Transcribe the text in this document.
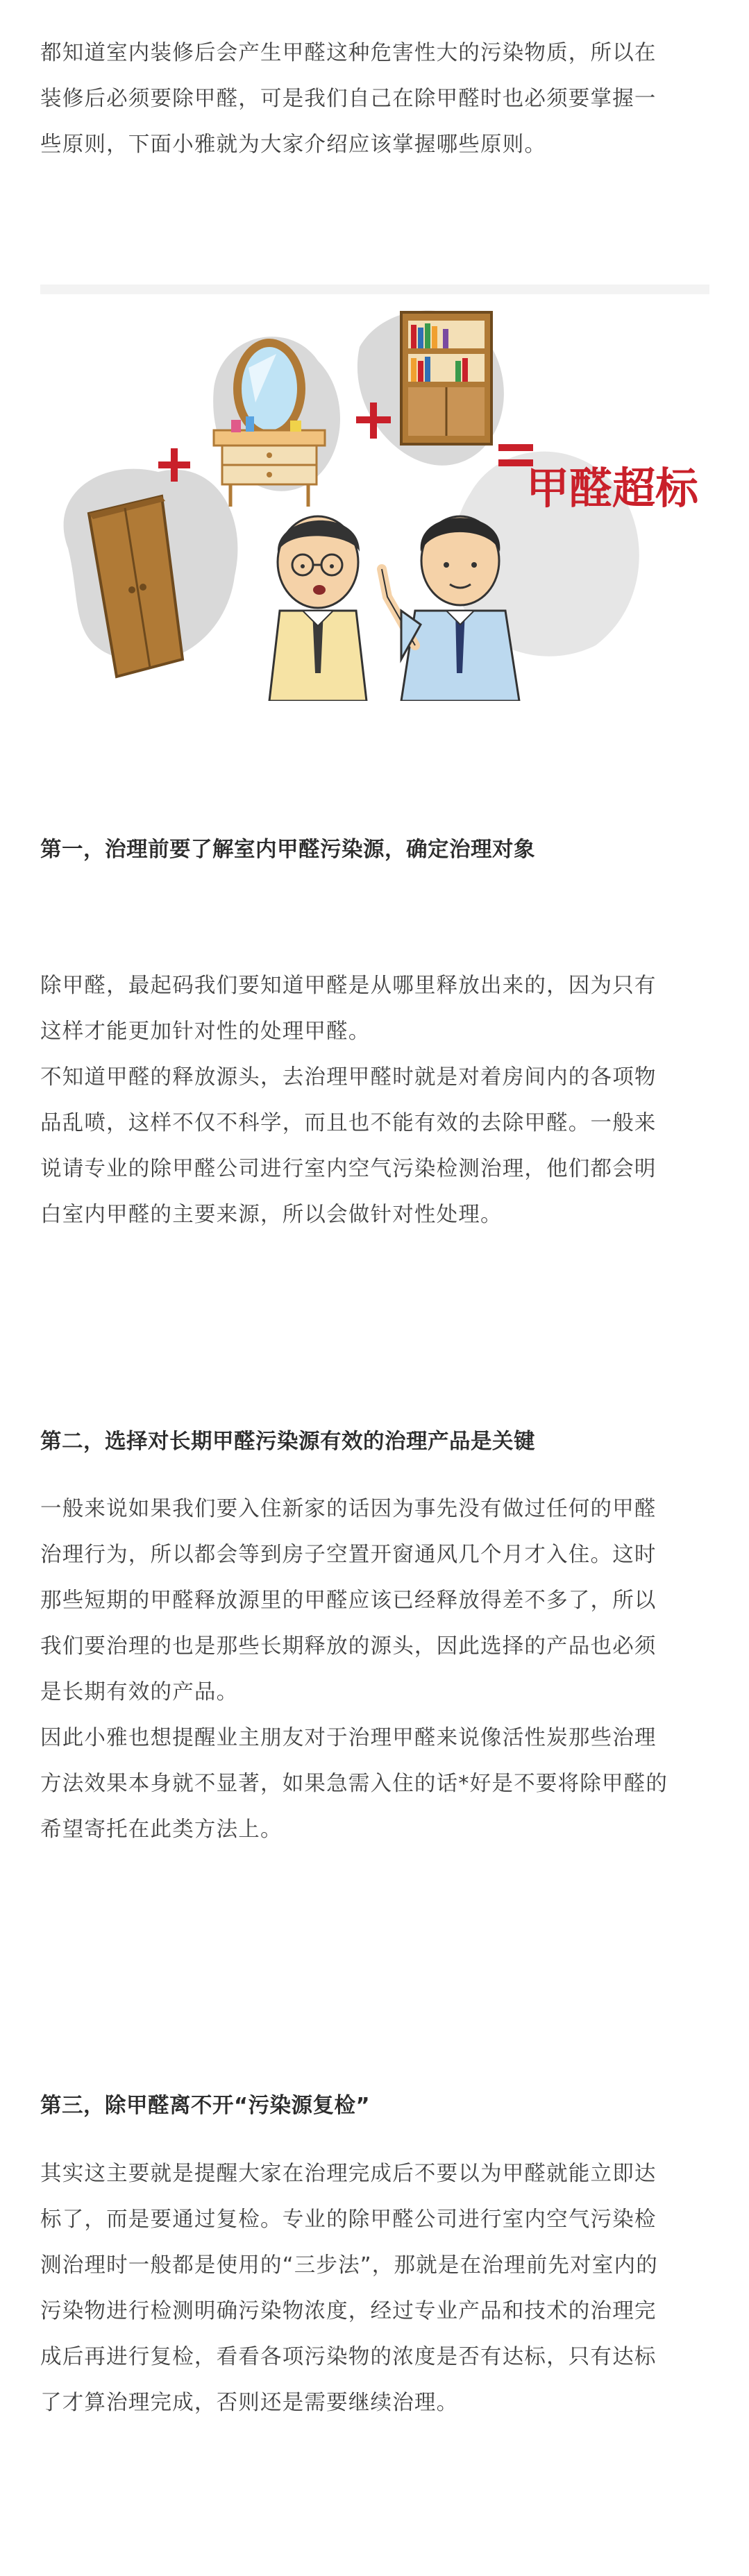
都知道室内装修后会产生甲醛这种危害性大的污染物质，所以在

装修后必须要除甲醛，可是我们自己在除甲醛时也必须要掌握一

些原则，下面小雅就为大家介绍应该掌握哪些原则。

第一，治理前要了解室内甲醛污染源，确定治理对象

除甲醛，最起码我们要知道甲醛是从哪里释放出来的，因为只有

这样才能更加针对性的处理甲醛。

不知道甲醛的释放源头，去治理甲醛时就是对着房间内的各项物

品乱喷，这样不仅不科学，而且也不能有效的去除甲醛。一般来

说请专业的除甲醛公司进行室内空气污染检测治理，他们都会明

白室内甲醛的主要来源，所以会做针对性处理。

第二，选择对长期甲醛污染源有效的治理产品是关键

一般来说如果我们要入住新家的话因为事先没有做过任何的甲醛

治理行为，所以都会等到房子空置开窗通风几个月才入住。这时

那些短期的甲醛释放源里的甲醛应该已经释放得差不多了，所以

我们要治理的也是那些长期释放的源头，因此选择的产品也必须

是长期有效的产品。

因此小雅也想提醒业主朋友对于治理甲醛来说像活性炭那些治理

方法效果本身就不显著，如果急需入住的话*好是不要将除甲醛的

希望寄托在此类方法上。

第三，除甲醛离不开“污染源复检”

其实这主要就是提醒大家在治理完成后不要以为甲醛就能立即达

标了，而是要通过复检。专业的除甲醛公司进行室内空气污染检

测治理时一般都是使用的“三步法”，那就是在治理前先对室内的

污染物进行检测明确污染物浓度，经过专业产品和技术的治理完

成后再进行复检，看看各项污染物的浓度是否有达标，只有达标

了才算治理完成，否则还是需要继续治理。

甲醛超标
